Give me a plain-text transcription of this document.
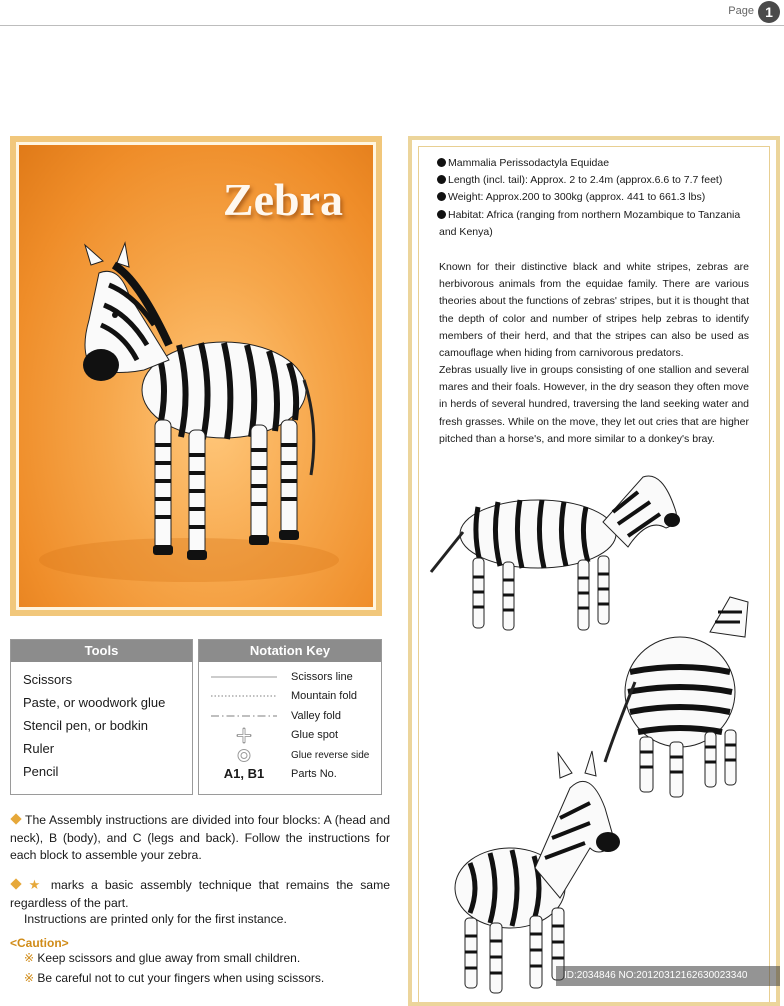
Page 1
Zebra
Mammalia Perissodactyla Equidae
Length (incl. tail): Approx. 2 to 2.4m (approx.6.6 to 7.7 feet)
Weight: Approx.200 to 300kg (approx. 441 to 661.3 lbs)
Habitat: Africa (ranging from northern Mozambique to Tanzania
and Kenya)
Known for their distinctive black and white stripes, zebras are herbivorous animals from the equidae family. There are various theories about the functions of zebras' stripes, but it is thought that the depth of color and number of stripes help zebras to identify members of their herd, and that the stripes can also be used as camouflage when hiding from carnivorous predators.
Zebras usually live in groups consisting of one stallion and several mares and their foals. However, in the dry season they often move in herds of several hundred, traversing the land seeking water and fresh grasses. While on the move, they let out cries that are higher pitched than a horse's, and more similar to a donkey's bray.
Tools
Scissors
Paste, or woodwork glue
Stencil pen, or bodkin
Ruler
Pencil
Notation Key
Scissors line
Mountain fold
Valley fold
Glue spot
Glue reverse side
A1, B1	Parts No.
The Assembly instructions are divided into four blocks: A (head and neck), B (body), and C (legs and back). Follow the instructions for each block to assemble your zebra.
★ marks a basic assembly technique that remains the same regardless of the part.
Instructions are printed only for the first instance.
<Caution>
※ Keep scissors and glue away from small children.
※ Be careful not to cut your fingers when using scissors.	ID:2034846 NO:20120312162630023340
